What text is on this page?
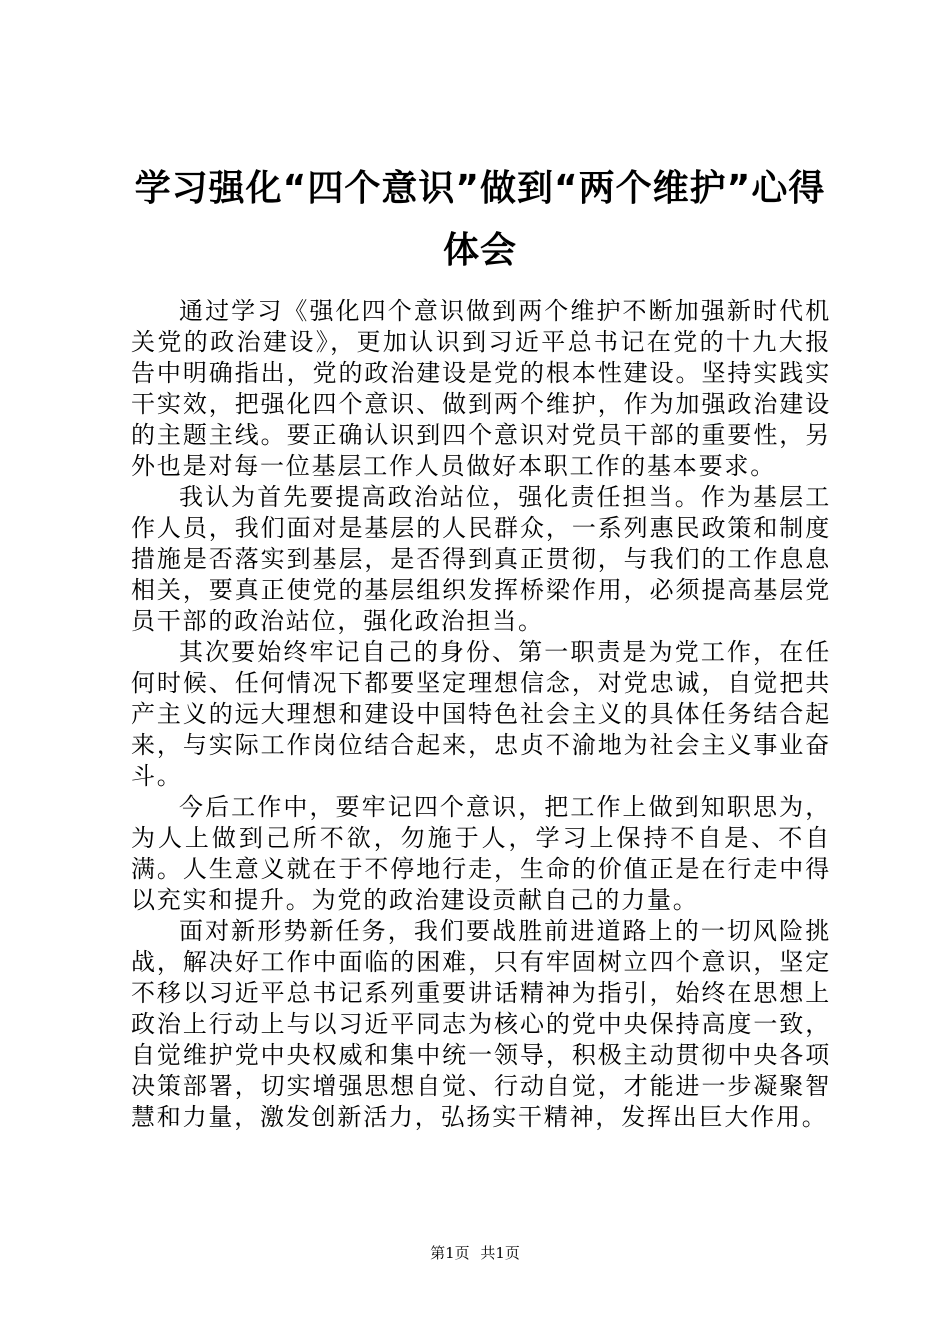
学习强化“四个意识”做到“两个维护”心得体会

通过学习《强化四个意识做到两个维护不断加强新时代机关党的政治建设》，更加认识到习近平总书记在党的十九大报告中明确指出，党的政治建设是党的根本性建设。坚持实践实干实效，把强化四个意识、做到两个维护，作为加强政治建设的主题主线。要正确认识到四个意识对党员干部的重要性，另外也是对每一位基层工作人员做好本职工作的基本要求。

我认为首先要提高政治站位，强化责任担当。作为基层工作人员，我们面对是基层的人民群众，一系列惠民政策和制度措施是否落实到基层，是否得到真正贯彻，与我们的工作息息相关，要真正使党的基层组织发挥桥梁作用，必须提高基层党员干部的政治站位，强化政治担当。

其次要始终牢记自己的身份、第一职责是为党工作，在任何时候、任何情况下都要坚定理想信念，对党忠诚，自觉把共产主义的远大理想和建设中国特色社会主义的具体任务结合起来，与实际工作岗位结合起来，忠贞不渝地为社会主义事业奋斗。

今后工作中，要牢记四个意识，把工作上做到知职思为，为人上做到己所不欲，勿施于人，学习上保持不自是、不自满。人生意义就在于不停地行走，生命的价值正是在行走中得以充实和提升。为党的政治建设贡献自己的力量。

面对新形势新任务，我们要战胜前进道路上的一切风险挑战，解决好工作中面临的困难，只有牢固树立四个意识，坚定不移以习近平总书记系列重要讲话精神为指引，始终在思想上政治上行动上与以习近平同志为核心的党中央保持高度一致，自觉维护党中央权威和集中统一领导，积极主动贯彻中央各项决策部署，切实增强思想自觉、行动自觉，才能进一步凝聚智慧和力量，激发创新活力，弘扬实干精神，发挥出巨大作用。

第1页 共1页
